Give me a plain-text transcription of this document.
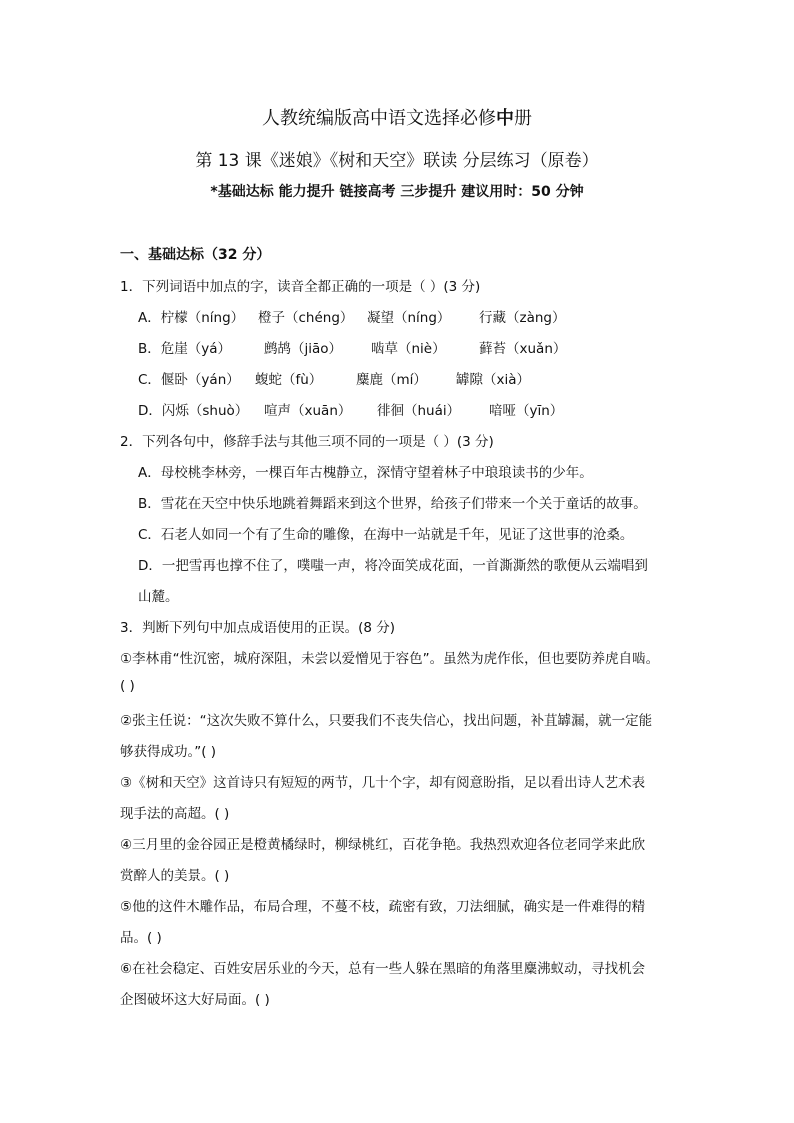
人教统编版高中语文选择必修中册
第 13 课《迷娘》《树和天空》联读 分层练习（原卷）
*基础达标 能力提升 链接高考 三步提升 建议用时：50 分钟
一、基础达标（32 分）
1．下列词语中加点的字，读音全都正确的一项是（ ）(3 分)
A．柠檬（níng） 橙子（chéng） 凝望（níng） 行藏（zàng）
B．危崖（yá） 鹧鸪（jiāo） 啮草（niè） 藓苔（xuǎn）
C．偃卧（yán） 蝮蛇（fù） 麋鹿（mí） 罅隙（xià）
D．闪烁（shuò） 喧声（xuān） 徘徊（huái） 喑哑（yīn）
2．下列各句中，修辞手法与其他三项不同的一项是（ ）(3 分)
A．母校桃李林旁，一棵百年古槐静立，深情守望着林子中琅琅读书的少年。
B．雪花在天空中快乐地跳着舞蹈来到这个世界，给孩子们带来一个关于童话的故事。
C．石老人如同一个有了生命的雕像，在海中一站就是千年，见证了这世事的沧桑。
D．一把雪再也撑不住了，噗嗤一声，将冷面笑成花面，一首澌澌然的歌便从云端唱到
山麓。
3．判断下列句中加点成语使用的正误。(8 分)
①李林甫“性沉密，城府深阻，未尝以爱憎见于容色”。虽然为虎作伥，但也要防养虎自啮。
( )
②张主任说：“这次失败不算什么，只要我们不丧失信心，找出问题，补苴罅漏，就一定能
够获得成功。”( )
③《树和天空》这首诗只有短短的两节，几十个字，却有阅意盼指，足以看出诗人艺术表
现手法的高超。( )
④三月里的金谷园正是橙黄橘绿时，柳绿桃红，百花争艳。我热烈欢迎各位老同学来此欣
赏醉人的美景。( )
⑤他的这件木雕作品，布局合理，不蔓不枝，疏密有致，刀法细腻，确实是一件难得的精
品。( )
⑥在社会稳定、百姓安居乐业的今天，总有一些人躲在黑暗的角落里麋沸蚁动，寻找机会
企图破坏这大好局面。( )
